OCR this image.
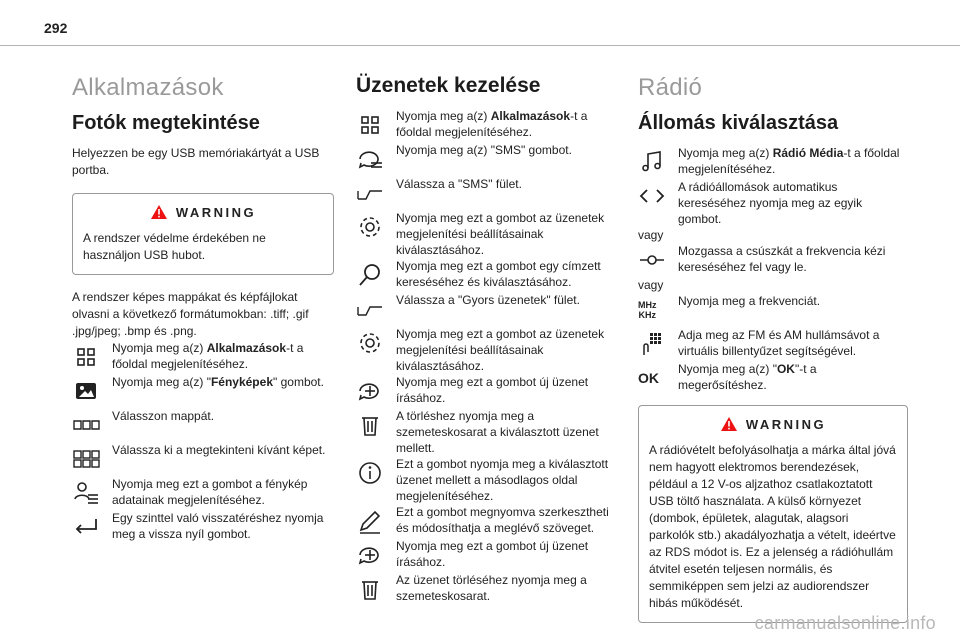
292
Alkalmazások
Fotók megtekintése

Helyezzen be egy USB memóriakártyát a USB portba.

WARNING

A rendszer védelme érdekében ne használjon USB hubot.

A rendszer képes mappákat és képfájlokat olvasni a következő formátumokban: .tiff; .gif .jpg/jpeg; .bmp és .png.

Nyomja meg a(z) Alkalmazások-t a főoldal megjelenítéséhez.
Nyomja meg a(z) "Fényképek" gombot.
Válasszon mappát.
Válassza ki a megtekinteni kívánt képet.
Nyomja meg ezt a gombot a fénykép adatainak megjelenítéséhez.
Egy szinttel való visszatéréshez nyomja meg a vissza nyíl gombot.
Üzenetek kezelése
Nyomja meg a(z) Alkalmazások-t a főoldal megjelenítéséhez.
Nyomja meg a(z) "SMS" gombot.
Válassza a "SMS" fület.
Nyomja meg ezt a gombot az üzenetek megjelenítési beállításainak kiválasztásához.
Nyomja meg ezt a gombot egy címzett kereséséhez és kiválasztásához.
Válassza a "Gyors üzenetek" fület.
Nyomja meg ezt a gombot az üzenetek megjelenítési beállításainak kiválasztásához.
Nyomja meg ezt a gombot új üzenet írásához.
A törléshez nyomja meg a szemeteskosarat a kiválasztott üzenet mellett.
Ezt a gombot nyomja meg a kiválasztott üzenet mellett a másodlagos oldal megjelenítéséhez.
Ezt a gombot megnyomva szerkesztheti és módosíthatja a meglévő szöveget.
Nyomja meg ezt a gombot új üzenet írásához.
Az üzenet törléséhez nyomja meg a szemeteskosarat.
Rádió
Állomás kiválasztása
Nyomja meg a(z) Rádió Média-t a főoldal megjelenítéséhez.
A rádióállomások automatikus kereséséhez nyomja meg az egyik gombot.
vagy
Mozgassa a csúszkát a frekvencia kézi kereséséhez fel vagy le.
vagy
MHz
KHz
Nyomja meg a frekvenciát.
Adja meg az FM és AM hullámsávot a virtuális billentyűzet segítségével.
OK
Nyomja meg a(z) "OK"-t a megerősítéshez.
WARNING

A rádióvételt befolyásolhatja a márka által jóvá nem hagyott elektromos berendezések, például a 12 V-os aljzathoz csatlakoztatott USB töltő használata. A külső környezet (dombok, épületek, alagutak, alagsori parkolók stb.) akadályozhatja a vételt, ideértve az RDS módot is. Ez a jelenség a rádióhullám átvitel esetén teljesen normális, és semmiképpen sem jelzi az audiorendszer hibás működését.

carmanualsonline.info
